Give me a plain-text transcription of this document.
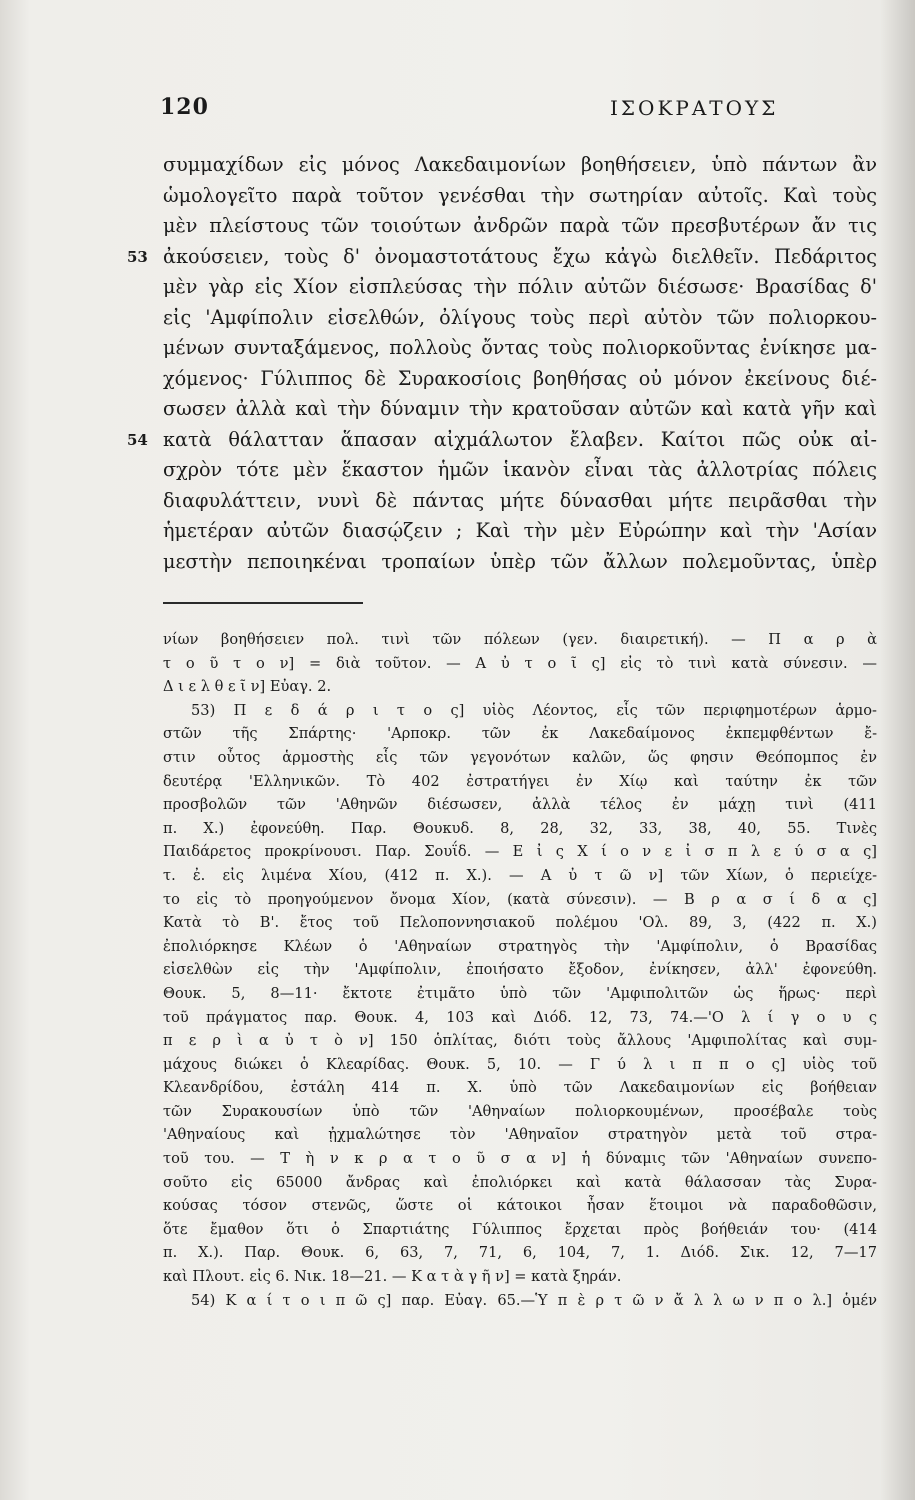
120	ΙΣΟΚΡΑΤΟΥΣ
συμμαχίδων εἰς μόνος Λακεδαιμονίων βοηθήσειεν, ὑπὸ πάντων ἂν
ὡμολογεῖτο παρὰ τοῦτον γενέσθαι τὴν σωτηρίαν αὐτοῖς. Καὶ τοὺς
μὲν πλείστους τῶν τοιούτων ἀνδρῶν παρὰ τῶν πρεσβυτέρων ἄν τις
53 ἀκούσειεν, τοὺς δ' ὀνομαστοτάτους ἔχω κἀγὼ διελθεῖν. Πεδάριτος
μὲν γὰρ εἰς Χίον εἰσπλεύσας τὴν πόλιν αὐτῶν διέσωσε· Βρασίδας δ'
εἰς 'Αμφίπολιν εἰσελθών, ὀλίγους τοὺς περὶ αὐτὸν τῶν πολιορκου-
μένων συνταξάμενος, πολλοὺς ὄντας τοὺς πολιορκοῦντας ἐνίκησε μα-
χόμενος· Γύλιππος δὲ Συρακοσίοις βοηθήσας οὐ μόνον ἐκείνους διέ-
σωσεν ἀλλὰ καὶ τὴν δύναμιν τὴν κρατοῦσαν αὐτῶν καὶ κατὰ γῆν καὶ
54 κατὰ θάλατταν ἅπασαν αἰχμάλωτον ἔλαβεν. Καίτοι πῶς οὐκ αἰ-
σχρὸν τότε μὲν ἕκαστον ἡμῶν ἱκανὸν εἶναι τὰς ἀλλοτρίας πόλεις
διαφυλάττειν, νυνὶ δὲ πάντας μήτε δύνασθαι μήτε πειρᾶσθαι τὴν
ἡμετέραν αὐτῶν διασῴζειν ; Καὶ τὴν μὲν Εὐρώπην καὶ τὴν 'Ασίαν
μεστὴν πεποιηκέναι τροπαίων ὑπὲρ τῶν ἄλλων πολεμοῦντας, ὑπὲρ
νίων βοηθήσειεν πολ. τινὶ τῶν πόλεων (γεν. διαιρετική). — Π α ρ ὰ
τ ο ῦ τ ο ν] = διὰ τοῦτον. — Α ὐ τ ο ῖ ς] εἰς τὸ τινὶ κατὰ σύνεσιν. —
Δ ι ε λ θ ε ῖ ν] Εὐαγ. 2.
53) Π ε δ ά ρ ι τ ο ς] υἱὸς Λέοντος, εἷς τῶν περιφημοτέρων ἁρμο-
στῶν τῆς Σπάρτης· 'Αρποκρ. τῶν ἐκ Λακεδαίμονος ἐκπεμφθέντων ἔ-
στιν οὗτος ἁρμοστὴς εἷς τῶν γεγονότων καλῶν, ὥς φησιν Θεόπομπος ἐν
δευτέρᾳ 'Ελληνικῶν. Τὸ 402 ἐστρατήγει ἐν Χίῳ καὶ ταύτην ἐκ τῶν
προσβολῶν τῶν 'Αθηνῶν διέσωσεν, ἀλλὰ τέλος ἐν μάχῃ τινὶ (411
π. Χ.) ἐφονεύθη. Παρ. Θουκυδ. 8, 28, 32, 33, 38, 40, 55. Τινὲς
Παιδάρετος προκρίνουσι. Παρ. Σουΐδ. — Ε ἰ ς Χ ί ο ν ε ἰ σ π λ ε ύ σ α ς]
τ. ἐ. εἰς λιμένα Χίου, (412 π. Χ.). — Α ὐ τ ῶ ν] τῶν Χίων, ὁ περιείχε-
το εἰς τὸ προηγούμενον ὄνομα Χίον, (κατὰ σύνεσιν). — Β ρ α σ ί δ α ς]
Κατὰ τὸ Β'. ἔτος τοῦ Πελοποννησιακοῦ πολέμου 'Ολ. 89, 3, (422 π. Χ.)
ἐπολιόρκησε Κλέων ὁ 'Αθηναίων στρατηγὸς τὴν 'Αμφίπολιν, ὁ Βρασίδας
εἰσελθὼν εἰς τὴν 'Αμφίπολιν, ἐποιήσατο ἔξοδον, ἐνίκησεν, ἀλλ' ἐφονεύθη.
Θουκ. 5, 8—11· ἔκτοτε ἐτιμᾶτο ὑπὸ τῶν 'Αμφιπολιτῶν ὡς ἥρως· περὶ
τοῦ πράγματος παρ. Θουκ. 4, 103 καὶ Διόδ. 12, 73, 74.—'Ο λ ί γ ο υ ς
π ε ρ ὶ α ὐ τ ὸ ν] 150 ὁπλίτας, διότι τοὺς ἄλλους 'Αμφιπολίτας καὶ συμ-
μάχους διώκει ὁ Κλεαρίδας. Θουκ. 5, 10. — Γ ύ λ ι π π ο ς] υἱὸς τοῦ
Κλεανδρίδου, ἐστάλη 414 π. Χ. ὑπὸ τῶν Λακεδαιμονίων εἰς βοήθειαν
τῶν Συρακουσίων ὑπὸ τῶν 'Αθηναίων πολιορκουμένων, προσέβαλε τοὺς
'Αθηναίους καὶ ᾐχμαλώτησε τὸν 'Αθηναῖον στρατηγὸν μετὰ τοῦ στρα-
τοῦ του. — Τ ὴ ν κ ρ α τ ο ῦ σ α ν] ἡ δύναμις τῶν 'Αθηναίων συνεπο-
σοῦτο εἰς 65000 ἄνδρας καὶ ἐπολιόρκει καὶ κατὰ θάλασσαν τὰς Συρα-
κούσας τόσον στενῶς, ὥστε οἱ κάτοικοι ἦσαν ἕτοιμοι νὰ παραδοθῶσιν,
ὅτε ἔμαθον ὅτι ὁ Σπαρτιάτης Γύλιππος ἔρχεται πρὸς βοήθειάν του· (414
π. Χ.). Παρ. Θουκ. 6, 63, 7, 71, 6, 104, 7, 1. Διόδ. Σικ. 12, 7—17
καὶ Πλουτ. εἰς 6. Νικ. 18—21. — Κ α τ ὰ γ ῆ ν] = κατὰ ξηράν.
54) Κ α ί τ ο ι π ῶ ς] παρ. Εὐαγ. 65.—Ὑ π ὲ ρ τ ῶ ν ἄ λ λ ω ν π ο λ.] ὁμέν
